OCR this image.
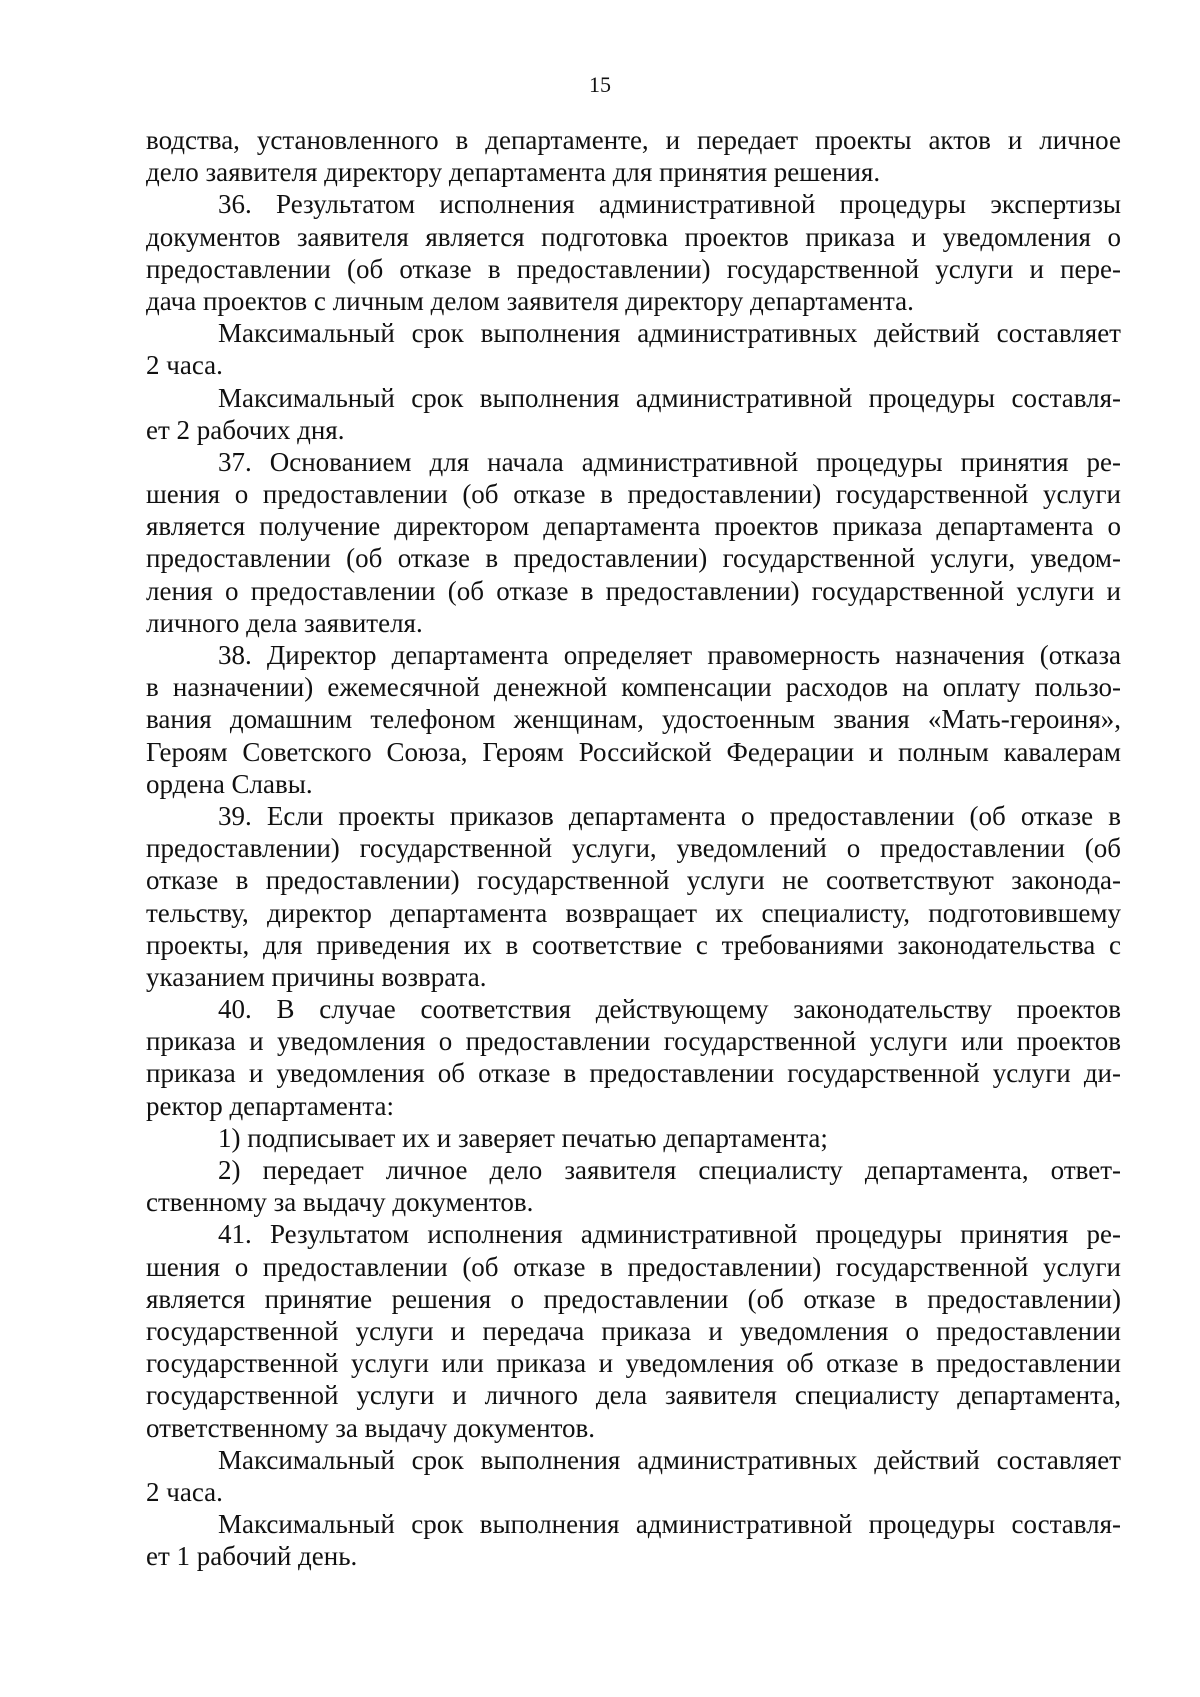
15
водства, установленного в департаменте, и передает проекты актов и личное
дело заявителя директору департамента для принятия решения.
36. Результатом исполнения административной процедуры экспертизы
документов заявителя является подготовка проектов приказа и уведомления о
предоставлении (об отказе в предоставлении) государственной услуги и пере-
дача проектов с личным делом заявителя директору департамента.
Максимальный срок выполнения административных действий составляет
2 часа.
Максимальный срок выполнения административной процедуры составля-
ет 2 рабочих дня.
37. Основанием для начала административной процедуры принятия ре-
шения о предоставлении (об отказе в предоставлении) государственной услуги
является получение директором департамента проектов приказа департамента о
предоставлении (об отказе в предоставлении) государственной услуги, уведом-
ления о предоставлении (об отказе в предоставлении) государственной услуги и
личного дела заявителя.
38. Директор департамента определяет правомерность назначения (отказа
в назначении) ежемесячной денежной компенсации расходов на оплату пользо-
вания домашним телефоном женщинам, удостоенным звания «Мать-героиня»,
Героям Советского Союза, Героям Российской Федерации и полным кавалерам
ордена Славы.
39. Если проекты приказов департамента о предоставлении (об отказе в
предоставлении) государственной услуги, уведомлений о предоставлении (об
отказе в предоставлении) государственной услуги не соответствуют законода-
тельству, директор департамента возвращает их специалисту, подготовившему
проекты, для приведения их в соответствие с требованиями законодательства с
указанием причины возврата.
40. В случае соответствия действующему законодательству проектов
приказа и уведомления о предоставлении государственной услуги или проектов
приказа и уведомления об отказе в предоставлении государственной услуги ди-
ректор департамента:
1) подписывает их и заверяет печатью департамента;
2) передает личное дело заявителя специалисту департамента, ответ-
ственному за выдачу документов.
41. Результатом исполнения административной процедуры принятия ре-
шения о предоставлении (об отказе в предоставлении) государственной услуги
является принятие решения о предоставлении (об отказе в предоставлении)
государственной услуги и передача приказа и уведомления о предоставлении
государственной услуги или приказа и уведомления об отказе в предоставлении
государственной услуги и личного дела заявителя специалисту департамента,
ответственному за выдачу документов.
Максимальный срок выполнения административных действий составляет
2 часа.
Максимальный срок выполнения административной процедуры составля-
ет 1 рабочий день.
